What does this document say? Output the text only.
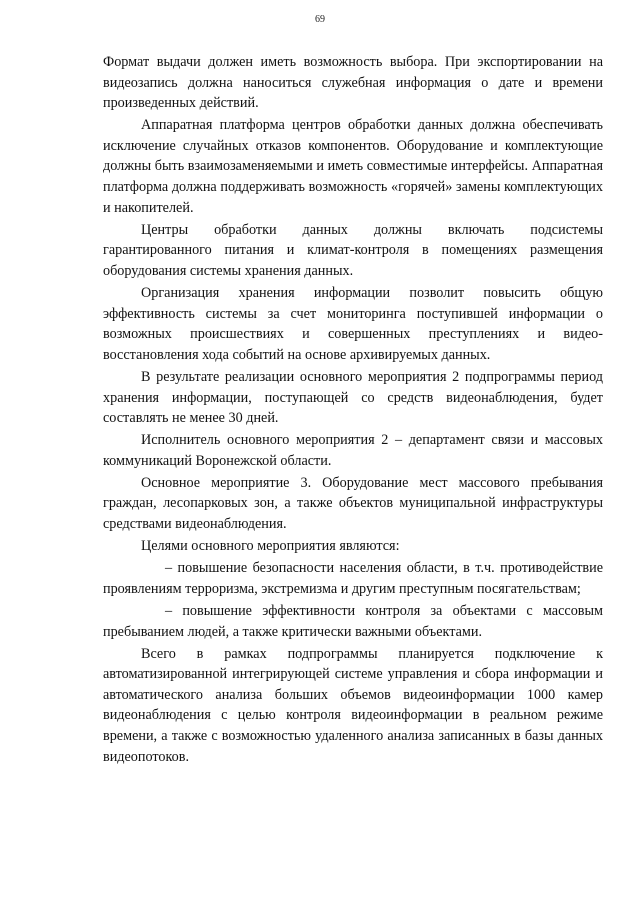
69

Формат выдачи должен иметь возможность выбора. При экспортировании на видеозапись должна наноситься служебная информация о дате и времени произведенных действий.

Аппаратная платформа центров обработки данных должна обеспечивать исключение случайных отказов компонентов. Оборудование и комплектующие должны быть взаимозаменяемыми и иметь совместимые интерфейсы. Аппаратная платформа должна поддерживать возможность «горячей» замены комплектующих и накопителей.

Центры обработки данных должны включать подсистемы гарантированного питания и климат-контроля в помещениях размещения оборудования системы хранения данных.

Организация хранения информации позволит повысить общую эффективность системы за счет мониторинга поступившей информации о возможных происшествиях и совершенных преступлениях и видео-восстановления хода событий на основе архивируемых данных.

В результате реализации основного мероприятия 2 подпрограммы период хранения информации, поступающей со средств видеонаблюдения, будет составлять не менее 30 дней.

Исполнитель основного мероприятия 2 – департамент связи и массовых коммуникаций Воронежской области.

Основное мероприятие 3. Оборудование мест массового пребывания граждан, лесопарковых зон, а также объектов муниципальной инфраструктуры средствами видеонаблюдения.

Целями основного мероприятия являются:

– повышение безопасности населения области, в т.ч. противодействие проявлениям терроризма, экстремизма и другим преступным посягательствам;

– повышение эффективности контроля за объектами с массовым пребыванием людей, а также критически важными объектами.

Всего в рамках подпрограммы планируется подключение к автоматизированной интегрирующей системе управления и сбора информации и автоматического анализа больших объемов видеоинформации 1000 камер видеонаблюдения с целью контроля видеоинформации в реальном режиме времени, а также с возможностью удаленного анализа записанных в базы данных видеопотоков.
